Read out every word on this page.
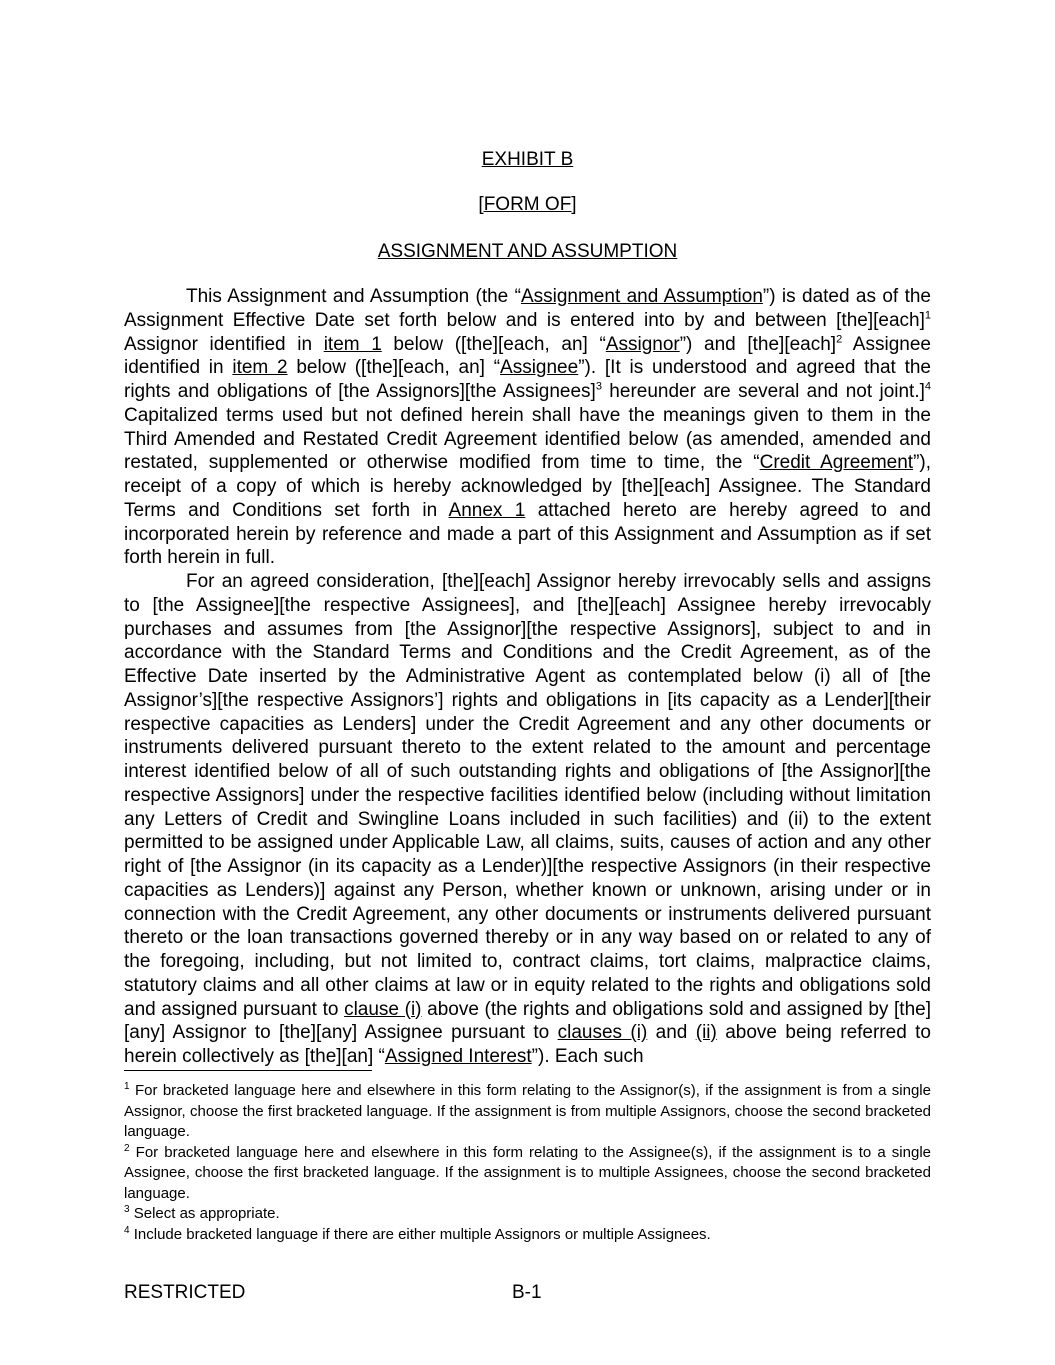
EXHIBIT B
[FORM OF]
ASSIGNMENT AND ASSUMPTION

This Assignment and Assumption (the “Assignment and Assumption”) is dated as of the Assignment Effective Date set forth below and is entered into by and between [the][each]$^1$ Assignor identified in item 1 below ([the][each, an] “Assignor”) and [the][each]$^2$ Assignee identified in item 2 below ([the][each, an] “Assignee”). [It is understood and agreed that the rights and obligations of [the Assignors][the Assignees]$^3$ hereunder are several and not joint.]$^4$ Capitalized terms used but not defined herein shall have the meanings given to them in the Third Amended and Restated Credit Agreement identified below (as amended, amended and restated, supplemented or otherwise modified from time to time, the “Credit Agreement”), receipt of a copy of which is hereby acknowledged by [the][each] Assignee. The Standard Terms and Conditions set forth in Annex 1 attached hereto are hereby agreed to and incorporated herein by reference and made a part of this Assignment and Assumption as if set forth herein in full.

For an agreed consideration, [the][each] Assignor hereby irrevocably sells and assigns to [the Assignee][the respective Assignees], and [the][each] Assignee hereby irrevocably purchases and assumes from [the Assignor][the respective Assignors], subject to and in accordance with the Standard Terms and Conditions and the Credit Agreement, as of the Effective Date inserted by the Administrative Agent as contemplated below (i) all of [the Assignor’s][the respective Assignors’] rights and obligations in [its capacity as a Lender][their respective capacities as Lenders] under the Credit Agreement and any other documents or instruments delivered pursuant thereto to the extent related to the amount and percentage interest identified below of all of such outstanding rights and obligations of [the Assignor][the respective Assignors] under the respective facilities identified below (including without limitation any Letters of Credit and Swingline Loans included in such facilities) and (ii) to the extent permitted to be assigned under Applicable Law, all claims, suits, causes of action and any other right of [the Assignor (in its capacity as a Lender)][the respective Assignors (in their respective capacities as Lenders)] against any Person, whether known or unknown, arising under or in connection with the Credit Agreement, any other documents or instruments delivered pursuant thereto or the loan transactions governed thereby or in any way based on or related to any of the foregoing, including, but not limited to, contract claims, tort claims, malpractice claims, statutory claims and all other claims at law or in equity related to the rights and obligations sold and assigned pursuant to clause (i) above (the rights and obligations sold and assigned by [the][any] Assignor to [the][any] Assignee pursuant to clauses (i) and (ii) above being referred to herein collectively as [the][an] “Assigned Interest”). Each such

$^1$ For bracketed language here and elsewhere in this form relating to the Assignor(s), if the assignment is from a single Assignor, choose the first bracketed language. If the assignment is from multiple Assignors, choose the second bracketed language.

$^2$ For bracketed language here and elsewhere in this form relating to the Assignee(s), if the assignment is to a single Assignee, choose the first bracketed language. If the assignment is to multiple Assignees, choose the second bracketed language.

$^3$ Select as appropriate.

$^4$ Include bracketed language if there are either multiple Assignors or multiple Assignees.

RESTRICTED	B-1
